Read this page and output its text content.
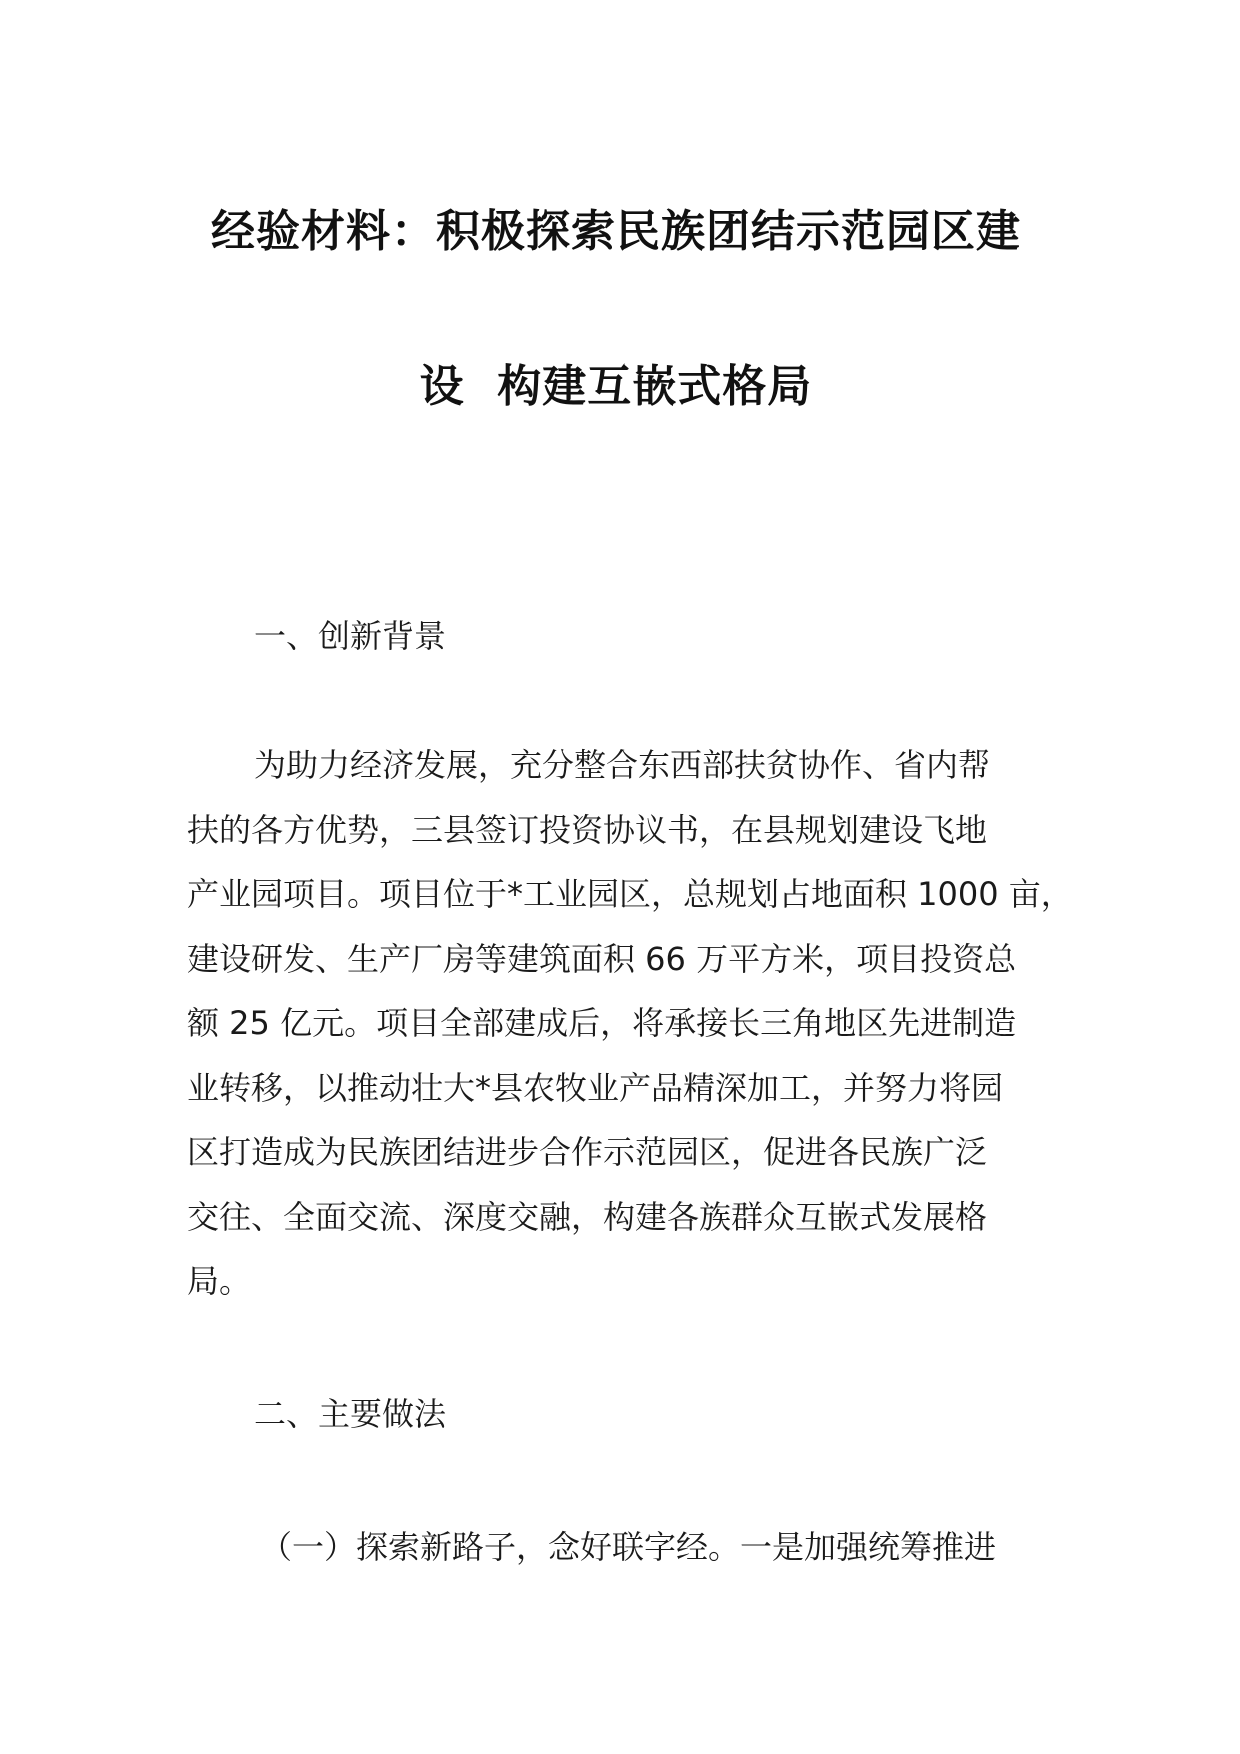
经验材料：积极探索民族团结示范园区建
设  构建互嵌式格局
一、创新背景
为助力经济发展，充分整合东西部扶贫协作、省内帮
扶的各方优势，三县签订投资协议书，在县规划建设飞地
产业园项目。项目位于*工业园区，总规划占地面积 1000 亩，
建设研发、生产厂房等建筑面积 66 万平方米，项目投资总
额 25 亿元。项目全部建成后，将承接长三角地区先进制造
业转移，以推动壮大*县农牧业产品精深加工，并努力将园
区打造成为民族团结进步合作示范园区，促进各民族广泛
交往、全面交流、深度交融，构建各族群众互嵌式发展格
局。
二、主要做法
（一）探索新路子，念好联字经。一是加强统筹推进
